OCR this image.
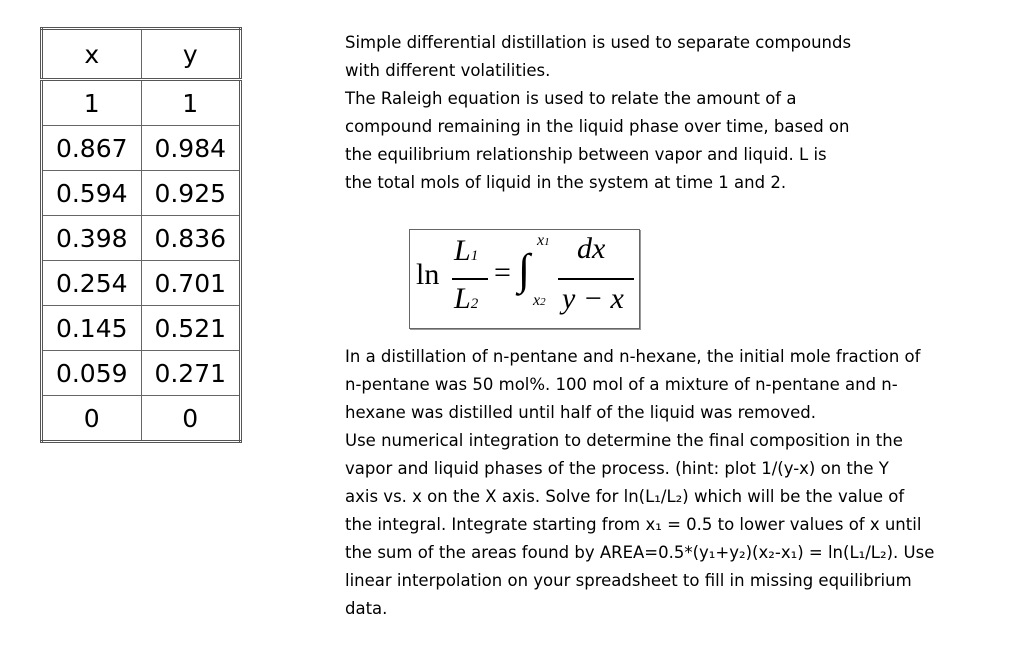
x	y
1	1
0.867	0.984
0.594	0.925
0.398	0.836
0.254	0.701
0.145	0.521
0.059	0.271
0	0
Simple differential distillation is used to separate compounds
with different volatilities.
The Raleigh equation is used to relate the amount of a
compound remaining in the liquid phase over time, based on
the equilibrium relationship between vapor and liquid. L is
the total mols of liquid in the system at time 1 and 2.
ln
L1
L2
= ∫
x1
x2
dx
y − x
In a distillation of n-pentane and n-hexane, the initial mole fraction of
n-pentane was 50 mol%. 100 mol of a mixture of n-pentane and n-
hexane was distilled until half of the liquid was removed.
Use numerical integration to determine the final composition in the
vapor and liquid phases of the process. (hint: plot 1/(y-x) on the Y
axis vs. x on the X axis. Solve for ln(L₁/L₂) which will be the value of
the integral. Integrate starting from x₁ = 0.5 to lower values of x until
the sum of the areas found by AREA=0.5*(y₁+y₂)(x₂-x₁) = ln(L₁/L₂). Use
linear interpolation on your spreadsheet to fill in missing equilibrium
data.
